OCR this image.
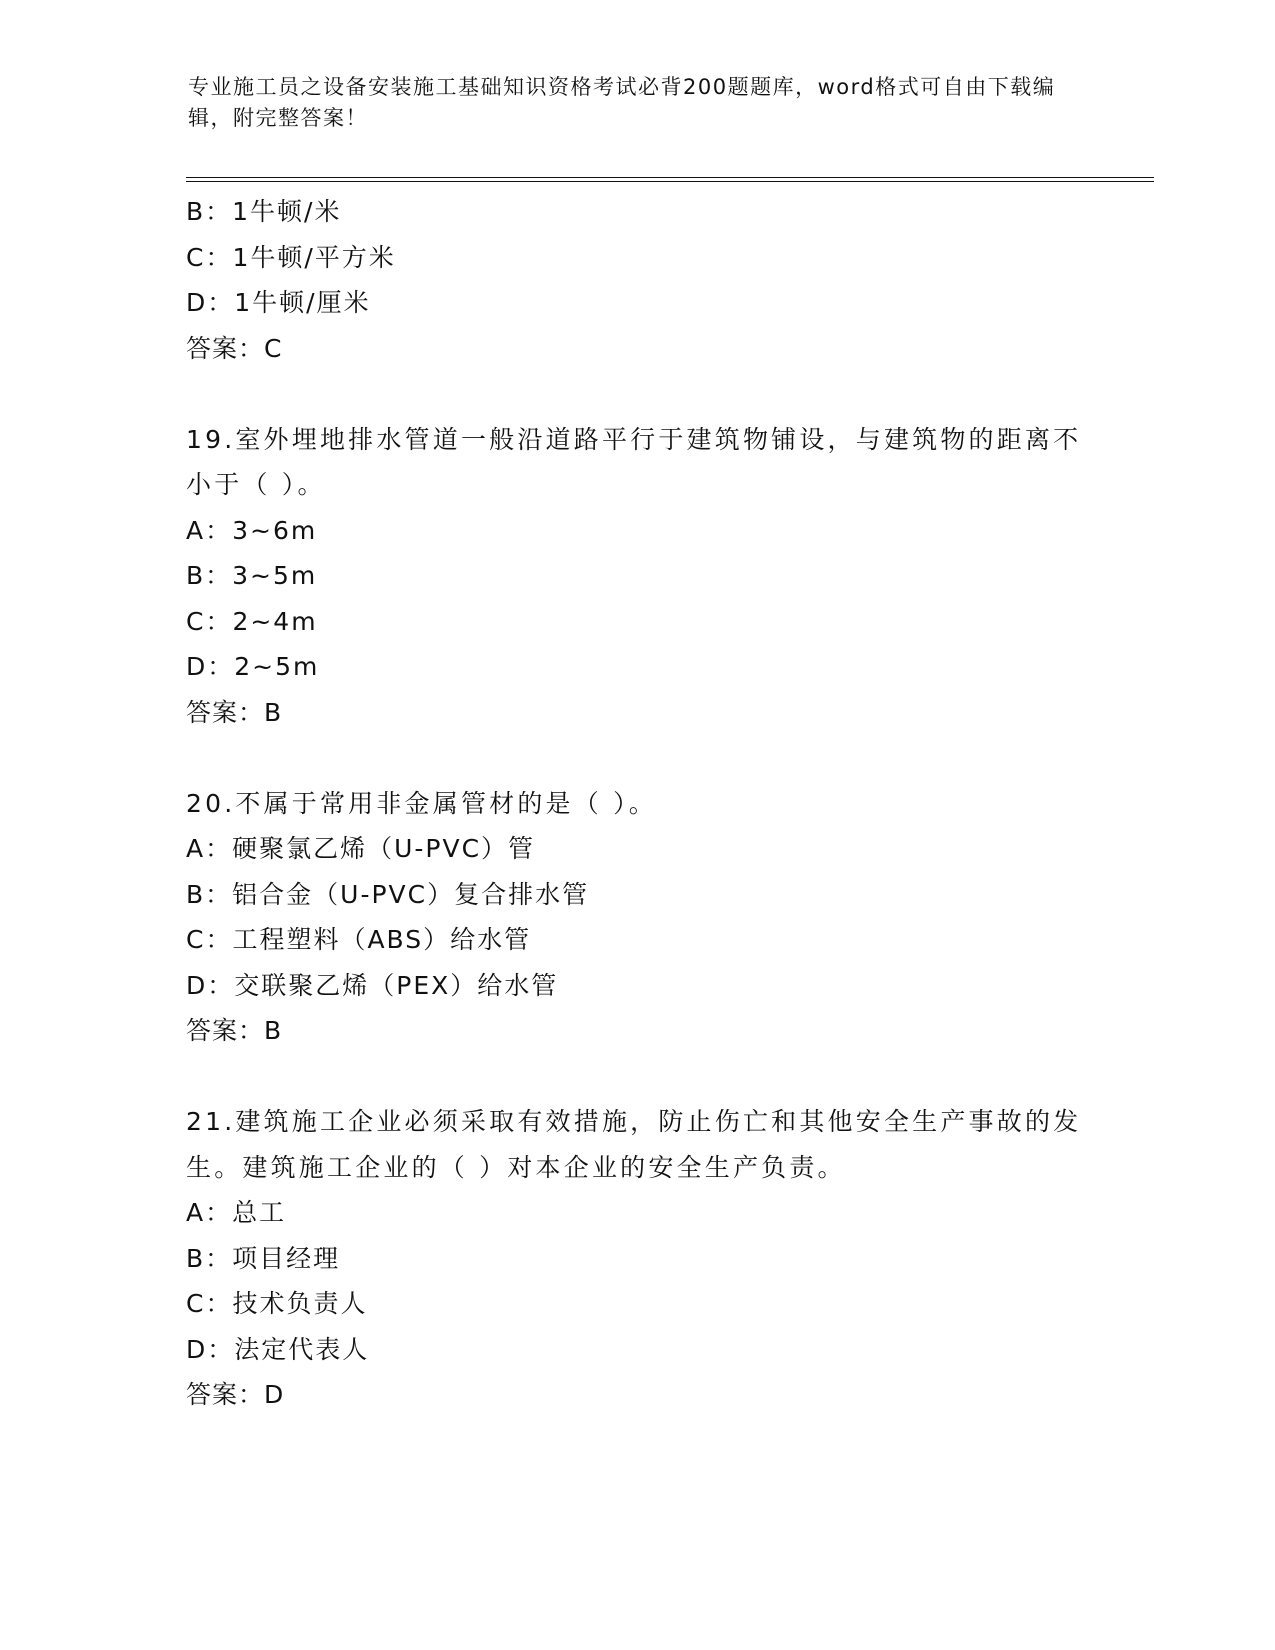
专业施工员之设备安装施工基础知识资格考试必背200题题库，word格式可自由下载编辑，附完整答案！
B：1牛顿/米
C：1牛顿/平方米
D：1牛顿/厘米
答案：C
19.室外埋地排水管道一般沿道路平行于建筑物铺设，与建筑物的距离不小于（ ）。
A：3~6m
B：3~5m
C：2~4m
D：2~5m
答案：B
20.不属于常用非金属管材的是（ ）。
A：硬聚氯乙烯（U-PVC）管
B：铝合金（U-PVC）复合排水管
C：工程塑料（ABS）给水管
D：交联聚乙烯（PEX）给水管
答案：B
21.建筑施工企业必须采取有效措施，防止伤亡和其他安全生产事故的发生。建筑施工企业的（ ）对本企业的安全生产负责。
A：总工
B：项目经理
C：技术负责人
D：法定代表人
答案：D
